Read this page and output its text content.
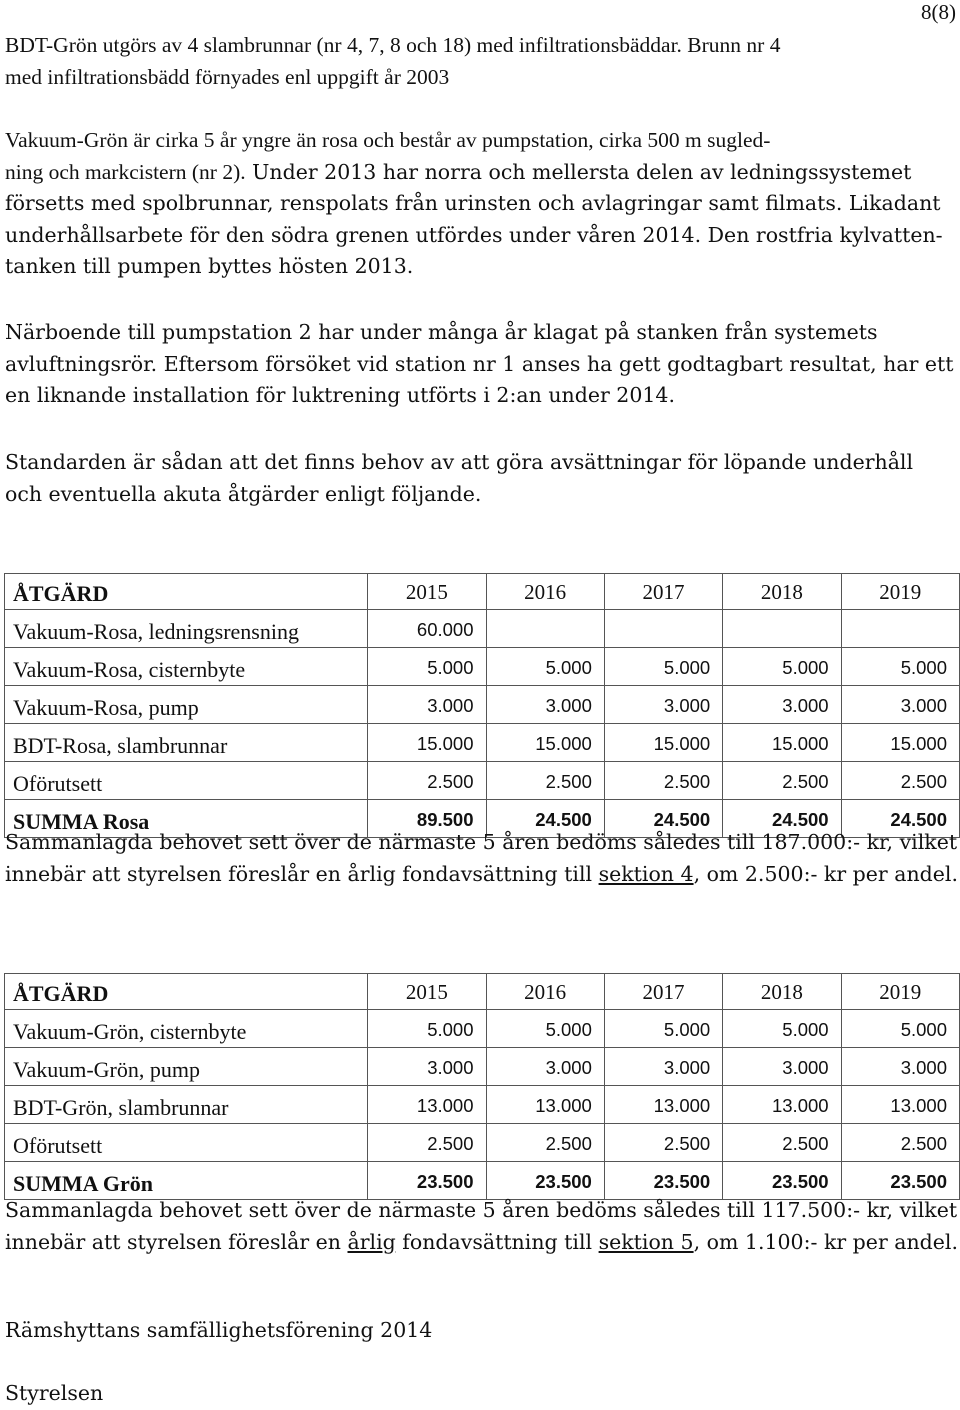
8(8)

BDT-Grön utgörs av 4 slambrunnar (nr 4, 7, 8 och 18) med infiltrationsbäddar. Brunn nr 4

med infiltrationsbädd förnyades enl uppgift år 2003

Vakuum-Grön är cirka 5 år yngre än rosa och består av pumpstation, cirka 500 m sugled-

ning och markcistern (nr 2). Under 2013 har norra och mellersta delen av ledningssystemet

försetts med spolbrunnar, renspolats från urinsten och avlagringar samt filmats. Likadant

underhållsarbete för den södra grenen utfördes under våren 2014. Den rostfria kylvatten-

tanken till pumpen byttes hösten 2013.

Närboende till pumpstation 2 har under många år klagat på stanken från systemets

avluftningsrör. Eftersom försöket vid station nr 1 anses ha gett godtagbart resultat, har ett

en liknande installation för luktrening utförts i 2:an under 2014.

Standarden är sådan att det finns behov av att göra avsättningar för löpande underhåll

och eventuella akuta åtgärder enligt följande.

ÅTGÄRD	2015	2016	2017	2018	2019
Vakuum-Rosa, ledningsrensning	60.000				
Vakuum-Rosa, cisternbyte	5.000	5.000	5.000	5.000	5.000
Vakuum-Rosa, pump	3.000	3.000	3.000	3.000	3.000
BDT-Rosa, slambrunnar	15.000	15.000	15.000	15.000	15.000
Oförutsett	2.500	2.500	2.500	2.500	2.500
SUMMA Rosa	89.500	24.500	24.500	24.500	24.500

Sammanlagda behovet sett över de närmaste 5 åren bedöms således till 187.000:- kr, vilket

innebär att styrelsen föreslår en årlig fondavsättning till sektion 4, om 2.500:- kr per andel.

ÅTGÄRD	2015	2016	2017	2018	2019
Vakuum-Grön, cisternbyte	5.000	5.000	5.000	5.000	5.000
Vakuum-Grön, pump	3.000	3.000	3.000	3.000	3.000
BDT-Grön, slambrunnar	13.000	13.000	13.000	13.000	13.000
Oförutsett	2.500	2.500	2.500	2.500	2.500
SUMMA Grön	23.500	23.500	23.500	23.500	23.500

Sammanlagda behovet sett över de närmaste 5 åren bedöms således till 117.500:- kr, vilket

innebär att styrelsen föreslår en årlig fondavsättning till sektion 5, om 1.100:- kr per andel.

Rämshyttans samfällighetsförening 2014

Styrelsen
